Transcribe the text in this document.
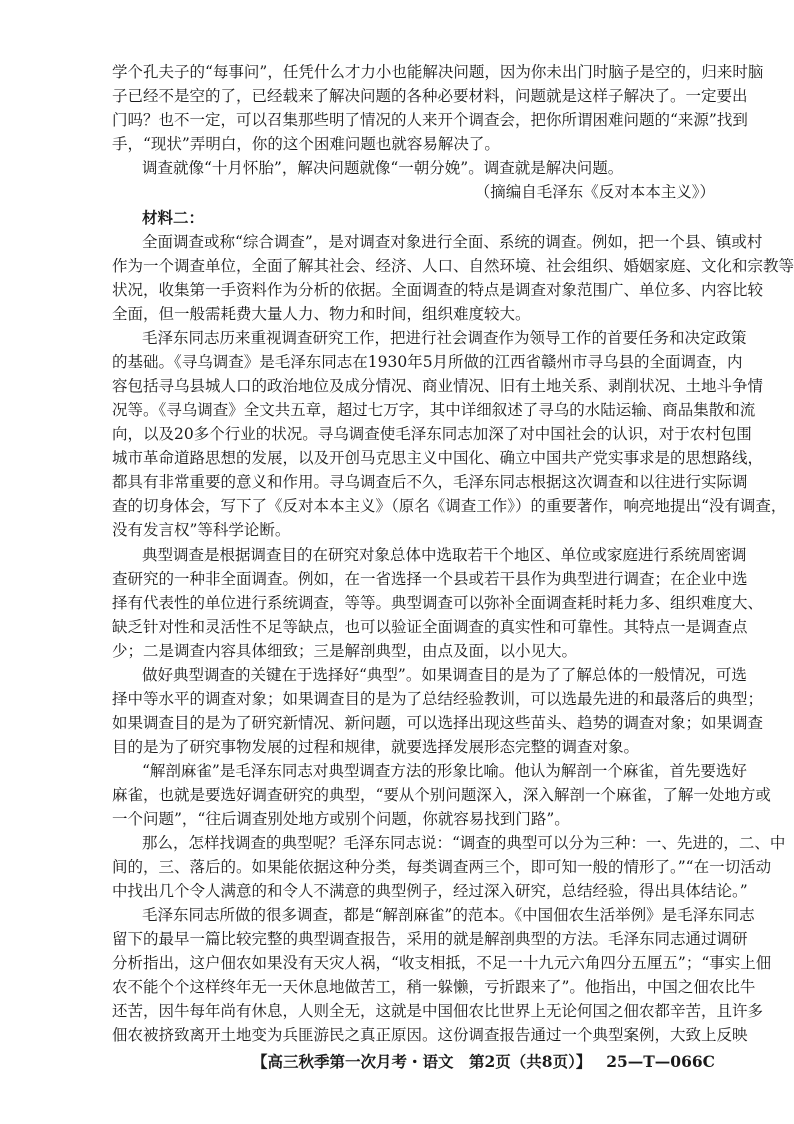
学个孔夫子的“每事问”，任凭什么才力小也能解决问题，因为你未出门时脑子是空的，归来时脑
子已经不是空的了，已经载来了解决问题的各种必要材料，问题就是这样子解决了。一定要出
门吗？也不一定，可以召集那些明了情况的人来开个调查会，把你所谓困难问题的“来源”找到
手，“现状”弄明白，你的这个困难问题也就容易解决了。
调查就像“十月怀胎”，解决问题就像“一朝分娩”。调查就是解决问题。
（摘编自毛泽东《反对本本主义》）
材料二：
全面调查或称“综合调查”，是对调查对象进行全面、系统的调查。例如，把一个县、镇或村
作为一个调查单位，全面了解其社会、经济、人口、自然环境、社会组织、婚姻家庭、文化和宗教等
状况，收集第一手资料作为分析的依据。全面调查的特点是调查对象范围广、单位多、内容比较
全面，但一般需耗费大量人力、物力和时间，组织难度较大。
毛泽东同志历来重视调查研究工作，把进行社会调查作为领导工作的首要任务和决定政策
的基础。《寻乌调查》是毛泽东同志在1930年5月所做的江西省赣州市寻乌县的全面调查，内
容包括寻乌县城人口的政治地位及成分情况、商业情况、旧有土地关系、剥削状况、土地斗争情
况等。《寻乌调查》全文共五章，超过七万字，其中详细叙述了寻乌的水陆运输、商品集散和流
向，以及20多个行业的状况。寻乌调查使毛泽东同志加深了对中国社会的认识，对于农村包围
城市革命道路思想的发展，以及开创马克思主义中国化、确立中国共产党实事求是的思想路线，
都具有非常重要的意义和作用。寻乌调查后不久，毛泽东同志根据这次调查和以往进行实际调
查的切身体会，写下了《反对本本主义》（原名《调查工作》）的重要著作，响亮地提出“没有调查，
没有发言权”等科学论断。
典型调查是根据调查目的在研究对象总体中选取若干个地区、单位或家庭进行系统周密调
查研究的一种非全面调查。例如，在一省选择一个县或若干县作为典型进行调查；在企业中选
择有代表性的单位进行系统调查，等等。典型调查可以弥补全面调查耗时耗力多、组织难度大、
缺乏针对性和灵活性不足等缺点，也可以验证全面调查的真实性和可靠性。其特点一是调查点
少；二是调查内容具体细致；三是解剖典型，由点及面，以小见大。
做好典型调查的关键在于选择好“典型”。如果调查目的是为了了解总体的一般情况，可选
择中等水平的调查对象；如果调查目的是为了总结经验教训，可以选最先进的和最落后的典型；
如果调查目的是为了研究新情况、新问题，可以选择出现这些苗头、趋势的调查对象；如果调查
目的是为了研究事物发展的过程和规律，就要选择发展形态完整的调查对象。
“解剖麻雀”是毛泽东同志对典型调查方法的形象比喻。他认为解剖一个麻雀，首先要选好
麻雀，也就是要选好调查研究的典型，“要从个别问题深入，深入解剖一个麻雀，了解一处地方或
一个问题”，“往后调查别处地方或别个问题，你就容易找到门路”。
那么，怎样找调查的典型呢？毛泽东同志说：“调查的典型可以分为三种：一、先进的，二、中
间的，三、落后的。如果能依据这种分类，每类调查两三个，即可知一般的情形了。”“在一切活动
中找出几个令人满意的和令人不满意的典型例子，经过深入研究，总结经验，得出具体结论。”
毛泽东同志所做的很多调查，都是“解剖麻雀”的范本。《中国佃农生活举例》是毛泽东同志
留下的最早一篇比较完整的典型调查报告，采用的就是解剖典型的方法。毛泽东同志通过调研
分析指出，这户佃农如果没有天灾人祸，“收支相抵，不足一十九元六角四分五厘五”；“事实上佃
农不能个个这样终年无一天休息地做苦工，稍一躲懒，亏折跟来了”。他指出，中国之佃农比牛
还苦，因牛每年尚有休息，人则全无，这就是中国佃农比世界上无论何国之佃农都辛苦，且许多
佃农被挤致离开土地变为兵匪游民之真正原因。这份调查报告通过一个典型案例，大致上反映
【高三秋季第一次月考・语文　第2页（共8页）】 25—T—066C
